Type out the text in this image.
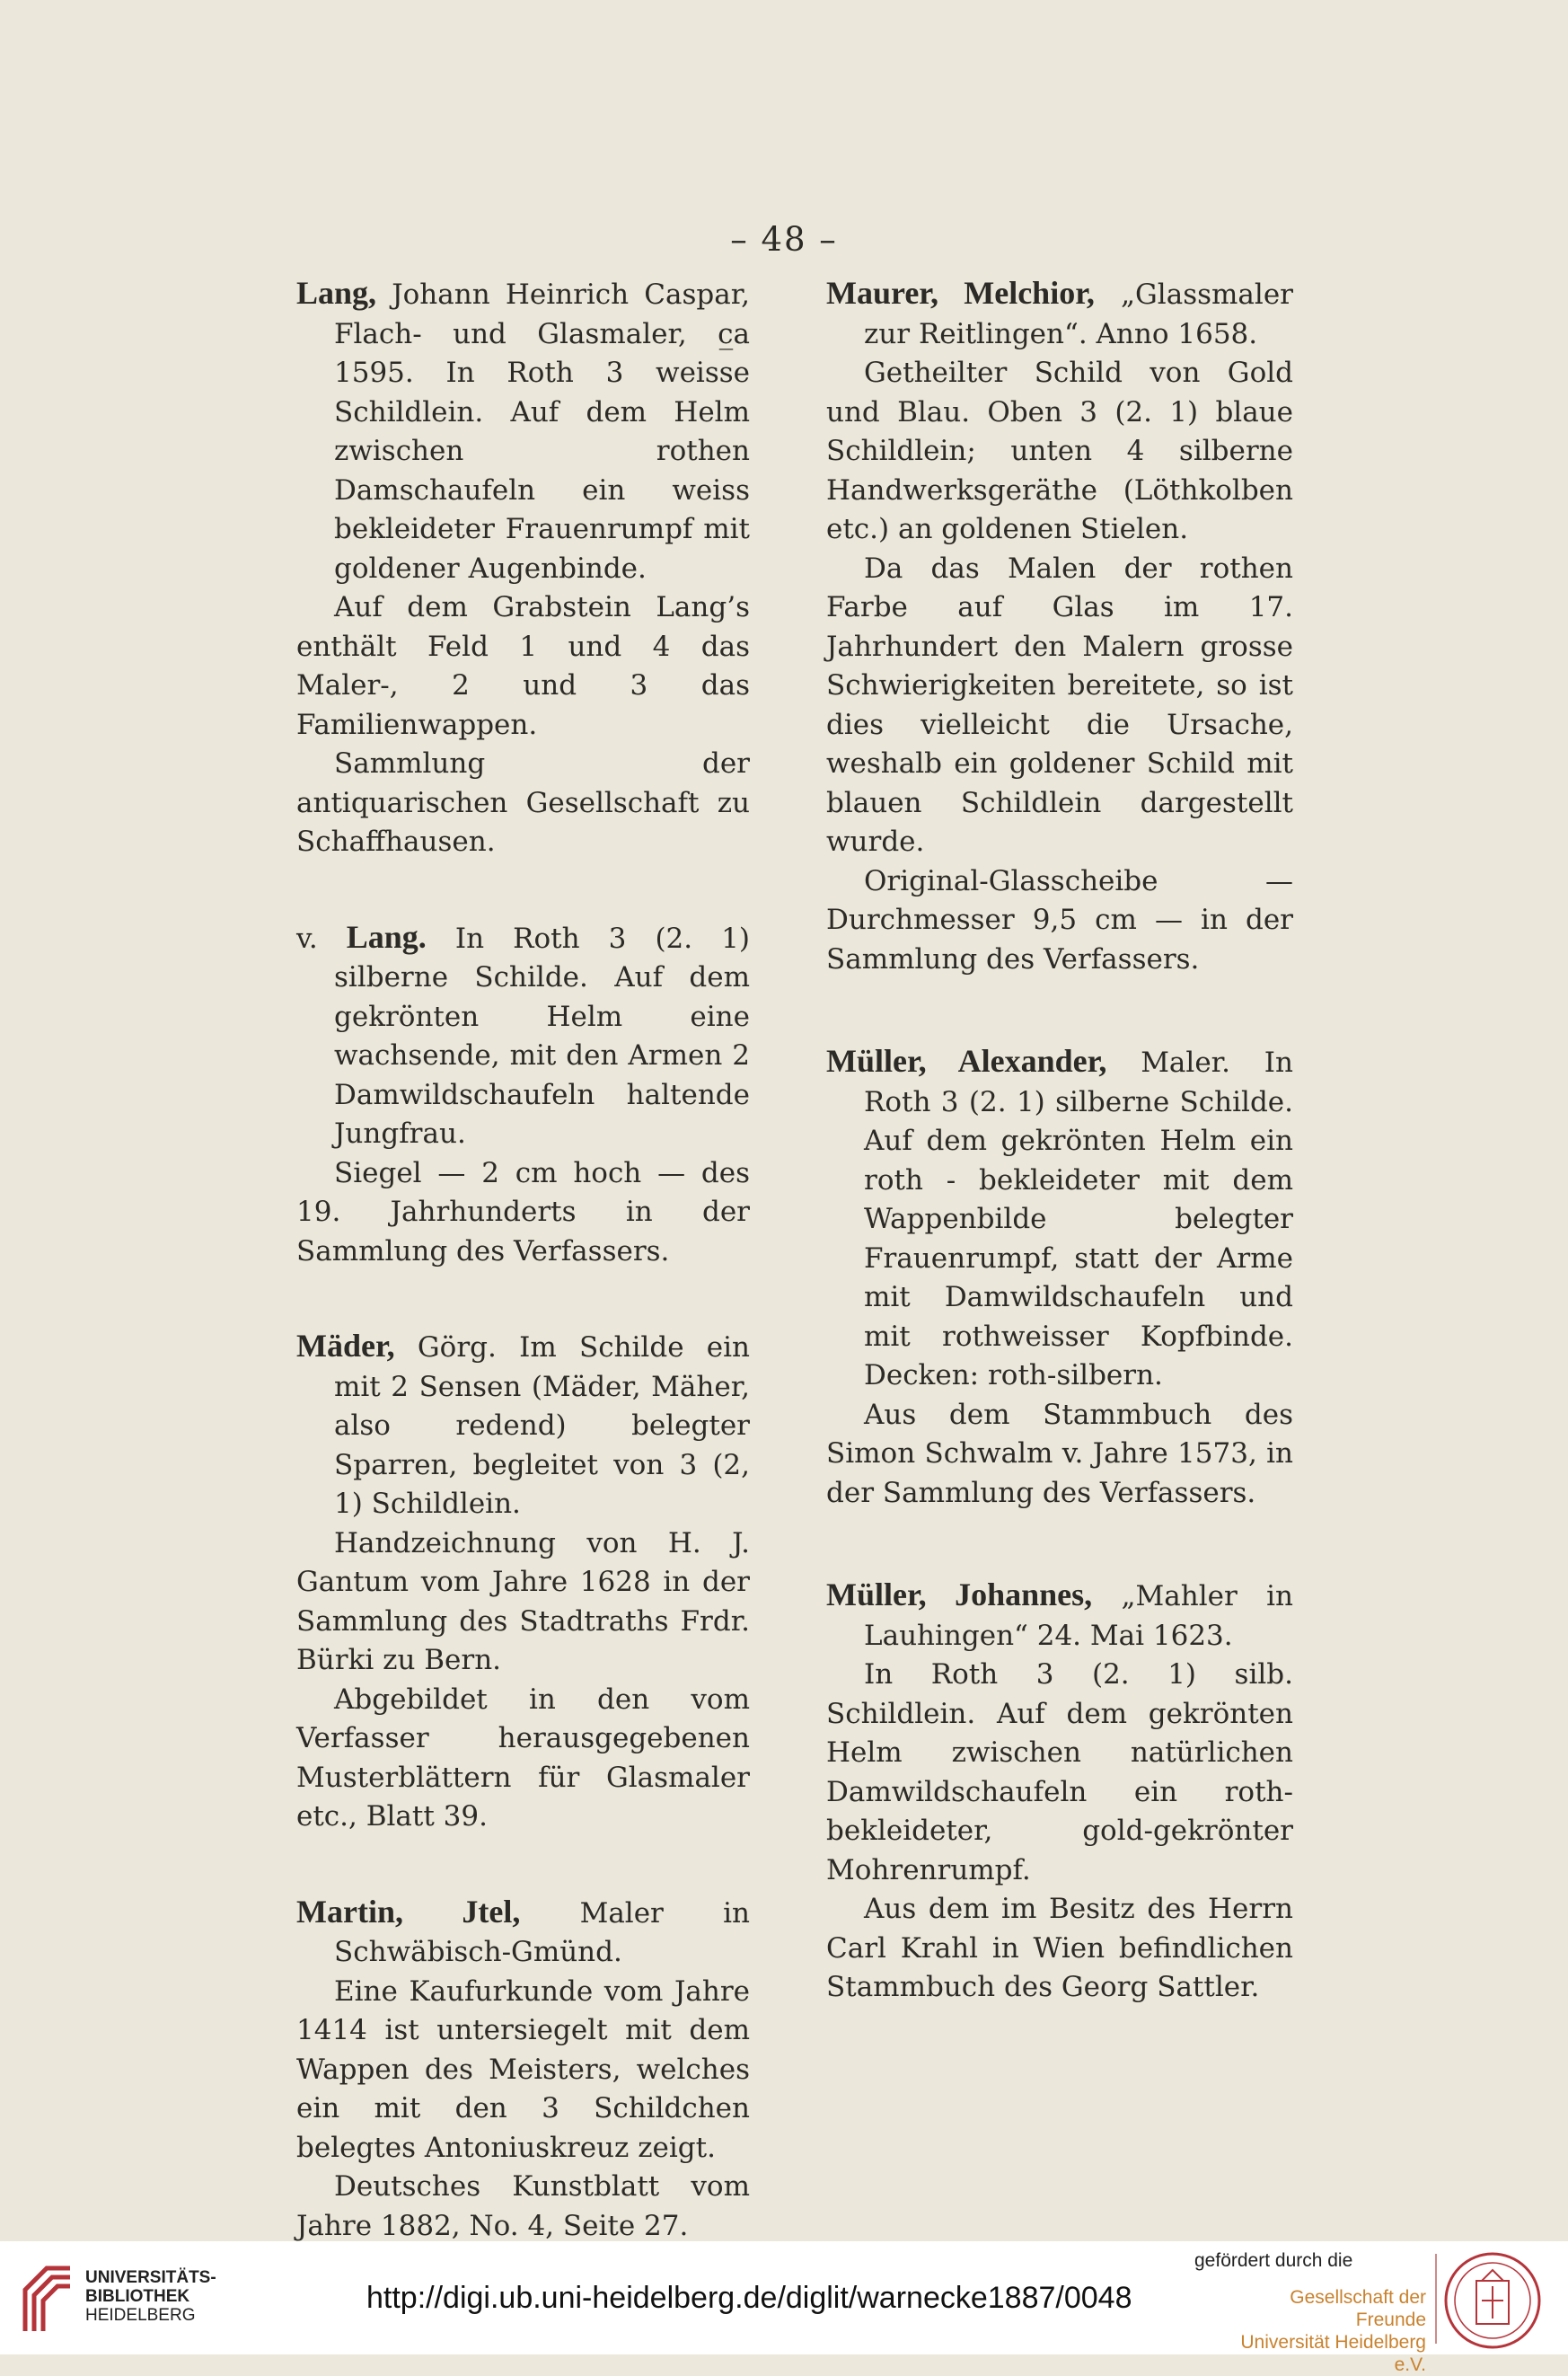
– 48 –

Lang, Johann Heinrich Caspar, Flach- und Glasmaler, c̲a 1595. In Roth 3 weisse Schildlein. Auf dem Helm zwischen rothen Damschaufeln ein weiss bekleideter Frauenrumpf mit goldener Augenbinde.

Auf dem Grabstein Lang’s enthält Feld 1 und 4 das Maler-, 2 und 3 das Familienwappen.

Sammlung der antiquarischen Gesellschaft zu Schaffhausen.

v. Lang. In Roth 3 (2. 1) silberne Schilde. Auf dem gekrönten Helm eine wachsende, mit den Armen 2 Damwildschaufeln haltende Jungfrau.

Siegel — 2 cm hoch — des 19. Jahrhunderts in der Sammlung des Verfassers.

Mäder, Görg. Im Schilde ein mit 2 Sensen (Mäder, Mäher, also redend) belegter Sparren, begleitet von 3 (2, 1) Schildlein.

Handzeichnung von H. J. Gantum vom Jahre 1628 in der Sammlung des Stadtraths Frdr. Bürki zu Bern.

Abgebildet in den vom Verfasser herausgegebenen Musterblättern für Glasmaler etc., Blatt 39.

Martin, Jtel, Maler in Schwäbisch-Gmünd.

Eine Kaufurkunde vom Jahre 1414 ist untersiegelt mit dem Wappen des Meisters, welches ein mit den 3 Schildchen belegtes Antoniuskreuz zeigt.

Deutsches Kunstblatt vom Jahre 1882, No. 4, Seite 27.

Maurer, Melchior, „Glassmaler zur Reitlingen“. Anno 1658.

Getheilter Schild von Gold und Blau. Oben 3 (2. 1) blaue Schildlein; unten 4 silberne Handwerksgeräthe (Löthkolben etc.) an goldenen Stielen.

Da das Malen der rothen Farbe auf Glas im 17. Jahrhundert den Malern grosse Schwierigkeiten bereitete, so ist dies vielleicht die Ursache, weshalb ein goldener Schild mit blauen Schildlein dargestellt wurde.

Original-Glasscheibe — Durchmesser 9,5 cm — in der Sammlung des Verfassers.

Müller, Alexander, Maler. In Roth 3 (2. 1) silberne Schilde. Auf dem gekrönten Helm ein roth - bekleideter mit dem Wappenbilde belegter Frauenrumpf, statt der Arme mit Damwildschaufeln und mit rothweisser Kopfbinde. Decken: roth-silbern.

Aus dem Stammbuch des Simon Schwalm v. Jahre 1573, in der Sammlung des Verfassers.

Müller, Johannes, „Mahler in Lauhingen“ 24. Mai 1623.

In Roth 3 (2. 1) silb. Schildlein. Auf dem gekrönten Helm zwischen natürlichen Damwildschaufeln ein roth-bekleideter, gold-gekrönter Mohrenrumpf.

Aus dem im Besitz des Herrn Carl Krahl in Wien befindlichen Stammbuch des Georg Sattler.

UNIVERSITÄTS-
BIBLIOTHEK
HEIDELBERG
http://digi.ub.uni-heidelberg.de/diglit/warnecke1887/0048
gefördert durch die
Gesellschaft der Freunde
Universität Heidelberg e.V.
